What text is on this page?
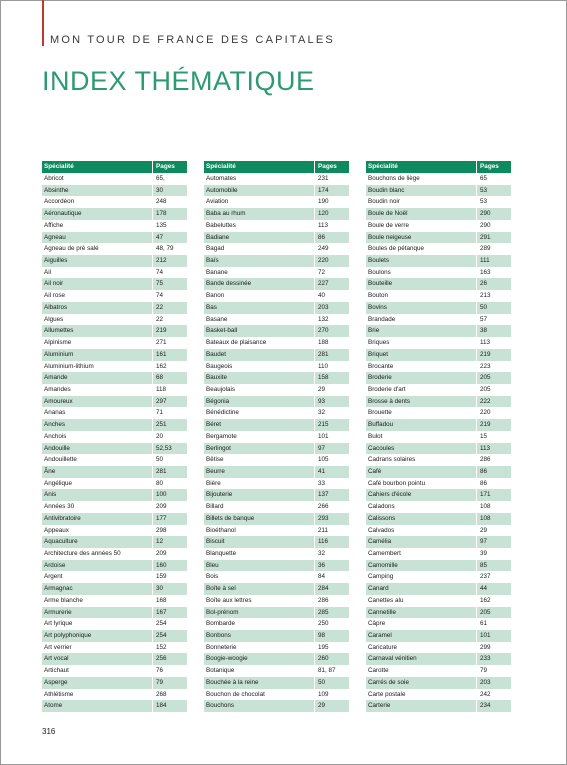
MON TOUR DE FRANCE DES CAPITALES
INDEX THÉMATIQUE
Spécialité	Pages
Abricot	65,
Absinthe	30
Accordéon	248
Aéronautique	178
Affiche	135
Agneau	47
Agneau de pré salé	48, 79
Aiguilles	212
Ail	74
Ail noir	75
Ail rose	74
Albatros	22
Algues	22
Allumettes	219
Alpinisme	271
Aluminium	161
Aluminium-lithium	162
Amande	68
Amandes	118
Amoureux	297
Ananas	71
Anches	251
Anchois	20
Andouille	52,53
Andouillette	50
Âne	281
Angélique	80
Anis	100
Années 30	209
Antivibratoire	177
Appeaux	298
Aquaculture	12
Architecture des années 50	209
Ardoise	160
Argent	159
Armagnac	30
Arme blanche	168
Armurerie	167
Art lyrique	254
Art polyphonique	254
Art verrier	152
Art vocal	256
Artichaut	76
Asperge	79
Athlétisme	268
Atome	184
Spécialité	Pages
Automates	231
Automobile	174
Aviation	190
Baba au rhum	120
Babeluttes	113
Badiane	86
Bagad	249
Baïs	220
Banane	72
Bande dessinée	227
Banon	40
Bas	203
Basane	132
Basket-ball	270
Bateaux de plaisance	188
Baudet	281
Baugeois	110
Bauxite	158
Beaujolais	29
Bégonia	93
Bénédictine	32
Béret	215
Bergamote	101
Berlingot	97
Bêtise	105
Beurre	41
Bière	33
Bijouterie	137
Billard	266
Billets de banque	293
Bioéthanol	211
Biscuit	116
Blanquette	32
Bleu	36
Bois	84
Boîte à sel	284
Boîte aux lettres	286
Bol-prénom	285
Bombarde	250
Bonbons	98
Bonneterie	195
Boogie-woogie	260
Botanique	81, 87
Bouchée à la reine	50
Bouchon de chocolat	109
Bouchons	29
Spécialité	Pages
Bouchons de liège	65
Boudin blanc	53
Boudin noir	53
Boule de Noël	290
Boule de verre	290
Boule neigeuse	291
Boules de pétanque	289
Boulets	111
Boulons	163
Bouteille	26
Bouton	213
Bovins	50
Brandade	57
Brie	38
Briques	113
Briquet	219
Brocante	223
Broderie	205
Broderie d'art	205
Brosse à dents	222
Brouette	220
Buffadou	219
Bulot	15
Cacoules	113
Cadrans solaires	286
Café	86
Café bourbon pointu	86
Cahiers d'école	171
Caladons	108
Calissons	108
Calvados	29
Camélia	97
Camembert	39
Camomille	85
Camping	237
Canard	44
Canettes alu	162
Cannetille	205
Câpre	61
Caramel	101
Caricature	299
Carnaval vénitien	233
Carotte	79
Carrés de soie	203
Carte postale	242
Carterie	234
316
